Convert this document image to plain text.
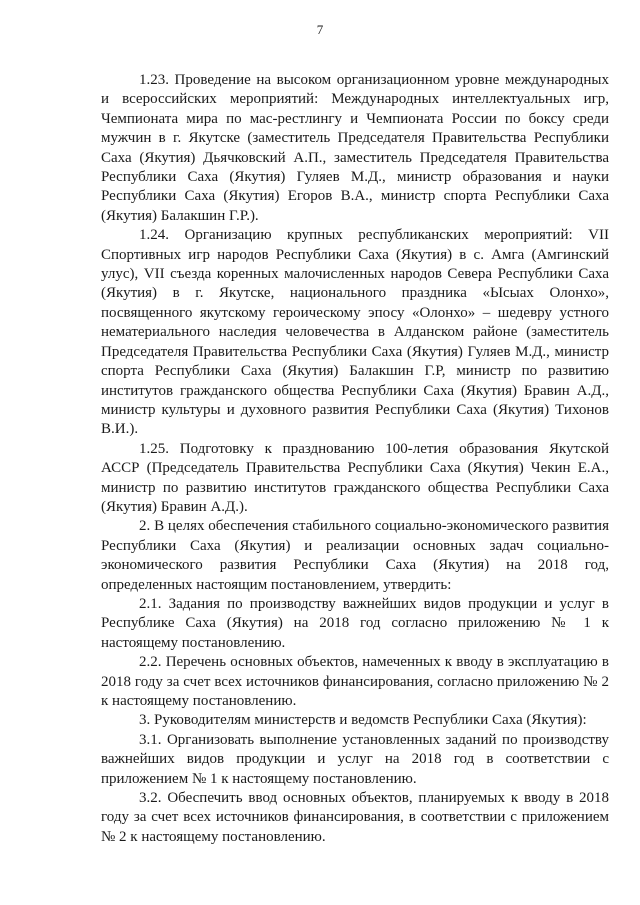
7

1.23. Проведение на высоком организационном уровне международных и всероссийских мероприятий: Международных интеллектуальных игр, Чемпионата мира по мас-рестлингу и Чемпионата России по боксу среди мужчин в г. Якутске (заместитель Председателя Правительства Республики Саха (Якутия) Дьячковский А.П., заместитель Председателя Правительства Республики Саха (Якутия) Гуляев М.Д., министр образования и науки Республики Саха (Якутия) Егоров В.А., министр спорта Республики Саха (Якутия) Балакшин Г.Р.).

1.24. Организацию крупных республиканских мероприятий: VII Спортивных игр народов Республики Саха (Якутия) в с. Амга (Амгинский улус), VII съезда коренных малочисленных народов Севера Республики Саха (Якутия) в г. Якутске, национального праздника «Ысыах Олонхо», посвященного якутскому героическому эпосу «Олонхо» – шедевру устного нематериального наследия человечества в Алданском районе (заместитель Председателя Правительства Республики Саха (Якутия) Гуляев М.Д., министр спорта Республики Саха (Якутия) Балакшин Г.Р, министр по развитию институтов гражданского общества Республики Саха (Якутия) Бравин А.Д., министр культуры и духовного развития Республики Саха (Якутия) Тихонов В.И.).

1.25. Подготовку к празднованию 100-летия образования Якутской АССР (Председатель Правительства Республики Саха (Якутия) Чекин Е.А., министр по развитию институтов гражданского общества Республики Саха (Якутия) Бравин А.Д.).

2. В целях обеспечения стабильного социально-экономического развития Республики Саха (Якутия) и реализации основных задач социально-экономического развития Республики Саха (Якутия) на 2018 год, определенных настоящим постановлением, утвердить:

2.1. Задания по производству важнейших видов продукции и услуг в Республике Саха (Якутия) на 2018 год согласно приложению № 1 к настоящему постановлению.

2.2. Перечень основных объектов, намеченных к вводу в эксплуатацию в 2018 году за счет всех источников финансирования, согласно приложению № 2 к настоящему постановлению.

3. Руководителям министерств и ведомств Республики Саха (Якутия):

3.1. Организовать выполнение установленных заданий по производству важнейших видов продукции и услуг на 2018 год в соответствии с приложением № 1 к настоящему постановлению.

3.2. Обеспечить ввод основных объектов, планируемых к вводу в 2018 году за счет всех источников финансирования, в соответствии с приложением № 2 к настоящему постановлению.
